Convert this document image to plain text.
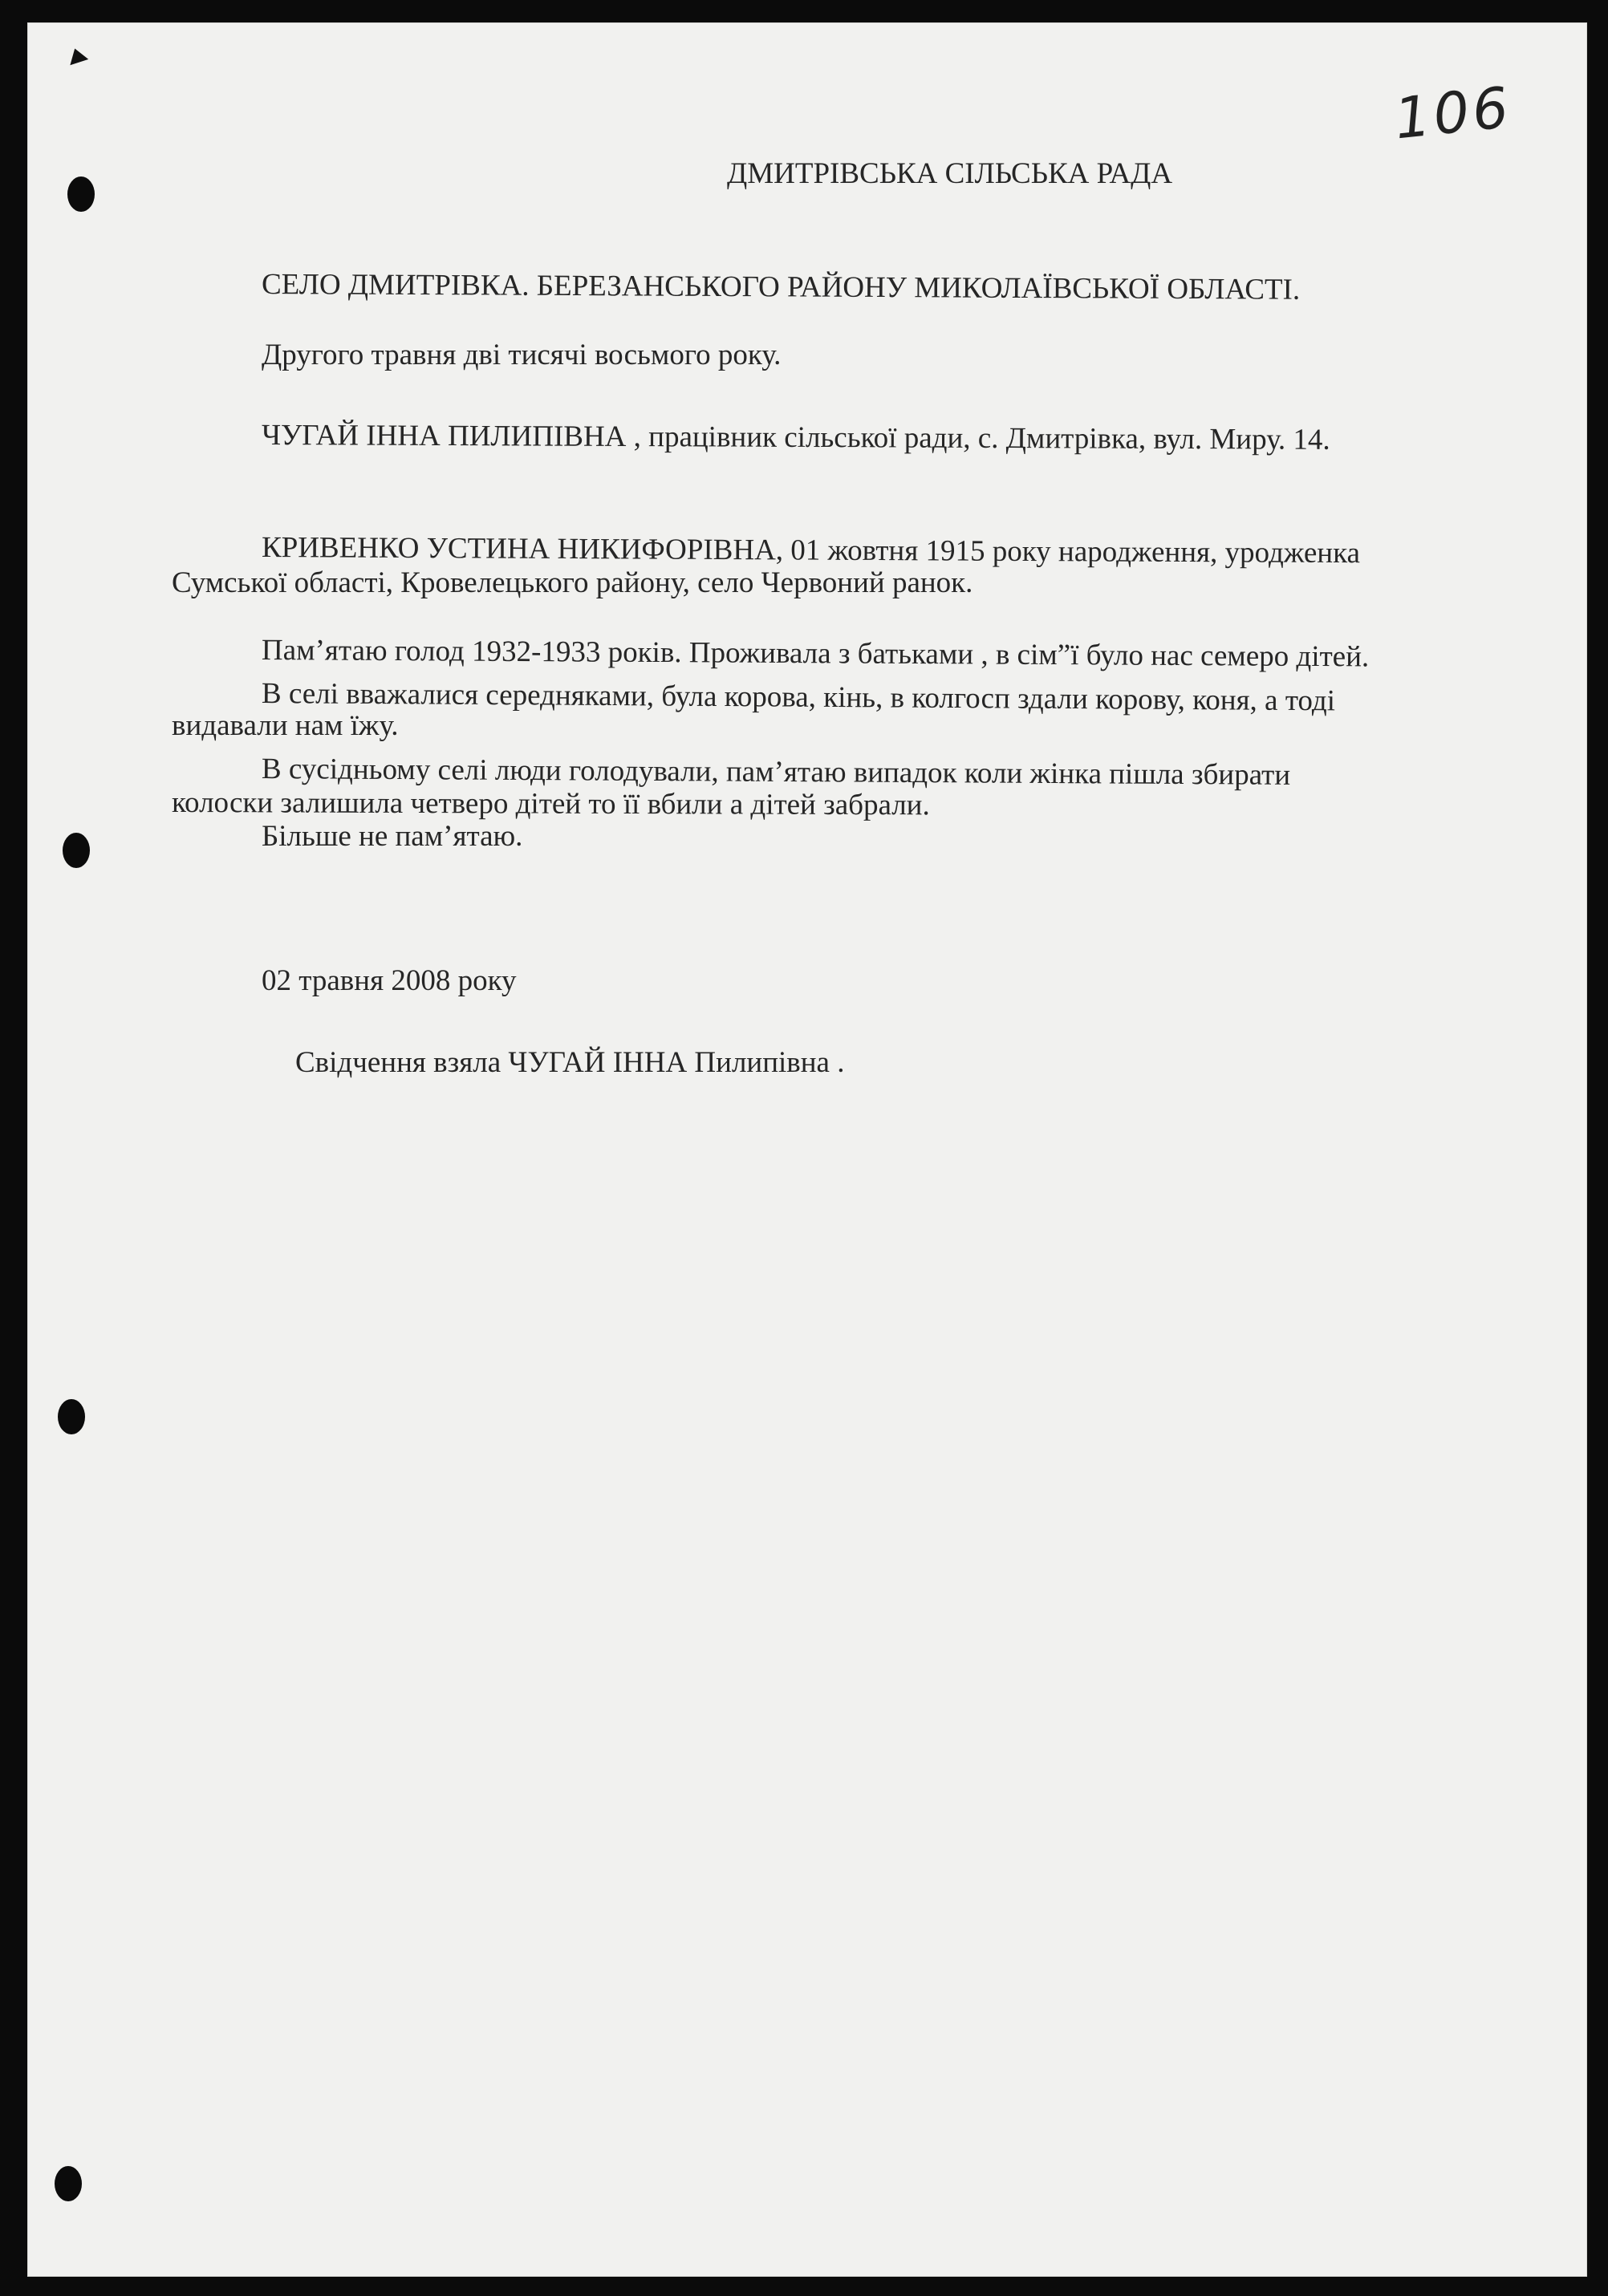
106
ДМИТРІВСЬКА СІЛЬСЬКА РАДА
СЕЛО ДМИТРІВКА. БЕРЕЗАНСЬКОГО РАЙОНУ МИКОЛАЇВСЬКОЇ ОБЛАСТІ.
Другого травня дві тисячі восьмого року.
ЧУГАЙ ІННА ПИЛИПІВНА , працівник сільської ради, с. Дмитрівка, вул. Миру. 14.
КРИВЕНКО УСТИНА НИКИФОРІВНА, 01 жовтня 1915 року народження, уродженка
Сумської області, Кровелецького району, село Червоний ранок.
Пам’ятаю голод 1932-1933 років. Проживала з батьками , в сім”ї було нас семеро дітей.
В селі вважалися середняками, була корова, кінь, в колгосп здали корову, коня, а тоді
видавали нам їжу.
В сусідньому селі люди голодували, пам’ятаю випадок коли жінка пішла збирати
колоски залишила четверо дітей то її вбили а дітей забрали.
Більше не пам’ятаю.
02 травня 2008 року
Свідчення взяла ЧУГАЙ ІННА Пилипівна .
